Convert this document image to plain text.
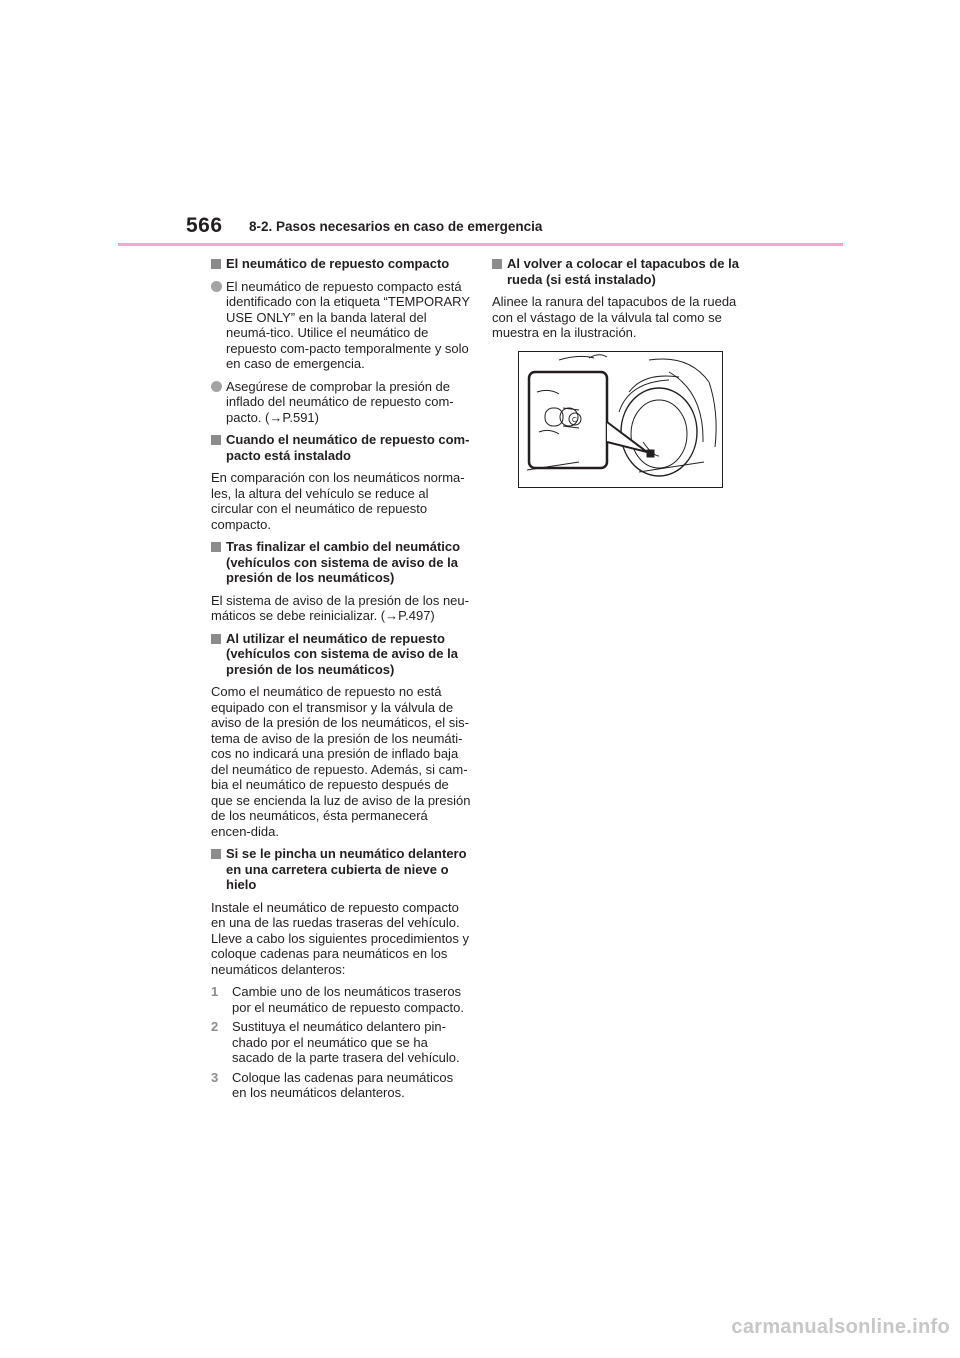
566 8-2. Pasos necesarios en caso de emergencia
El neumático de repuesto compacto
El neumático de repuesto compacto está identificado con la etiqueta “TEMPORARY USE ONLY” en la banda lateral del neumá-tico. Utilice el neumático de repuesto com-pacto temporalmente y solo en caso de emergencia.
Asegúrese de comprobar la presión de inflado del neumático de repuesto com-pacto. (→P.591)
Cuando el neumático de repuesto com-pacto está instalado
En comparación con los neumáticos norma-les, la altura del vehículo se reduce al circular con el neumático de repuesto compacto.
Tras finalizar el cambio del neumático (vehículos con sistema de aviso de la presión de los neumáticos)
El sistema de aviso de la presión de los neu-máticos se debe reinicializar. (→P.497)
Al utilizar el neumático de repuesto (vehículos con sistema de aviso de la presión de los neumáticos)
Como el neumático de repuesto no está equipado con el transmisor y la válvula de aviso de la presión de los neumáticos, el sis-tema de aviso de la presión de los neumáti-cos no indicará una presión de inflado baja del neumático de repuesto. Además, si cam-bia el neumático de repuesto después de que se encienda la luz de aviso de la presión de los neumáticos, ésta permanecerá encen-dida.
Si se le pincha un neumático delantero en una carretera cubierta de nieve o hielo
Instale el neumático de repuesto compacto en una de las ruedas traseras del vehículo. Lleve a cabo los siguientes procedimientos y coloque cadenas para neumáticos en los neumáticos delanteros:
1 Cambie uno de los neumáticos traseros por el neumático de repuesto compacto.
2 Sustituya el neumático delantero pin-chado por el neumático que se ha sacado de la parte trasera del vehículo.
3 Coloque las cadenas para neumáticos en los neumáticos delanteros.
Al volver a colocar el tapacubos de la rueda (si está instalado)
Alinee la ranura del tapacubos de la rueda con el vástago de la válvula tal como se muestra en la ilustración.
C
carmanualsonline.info
